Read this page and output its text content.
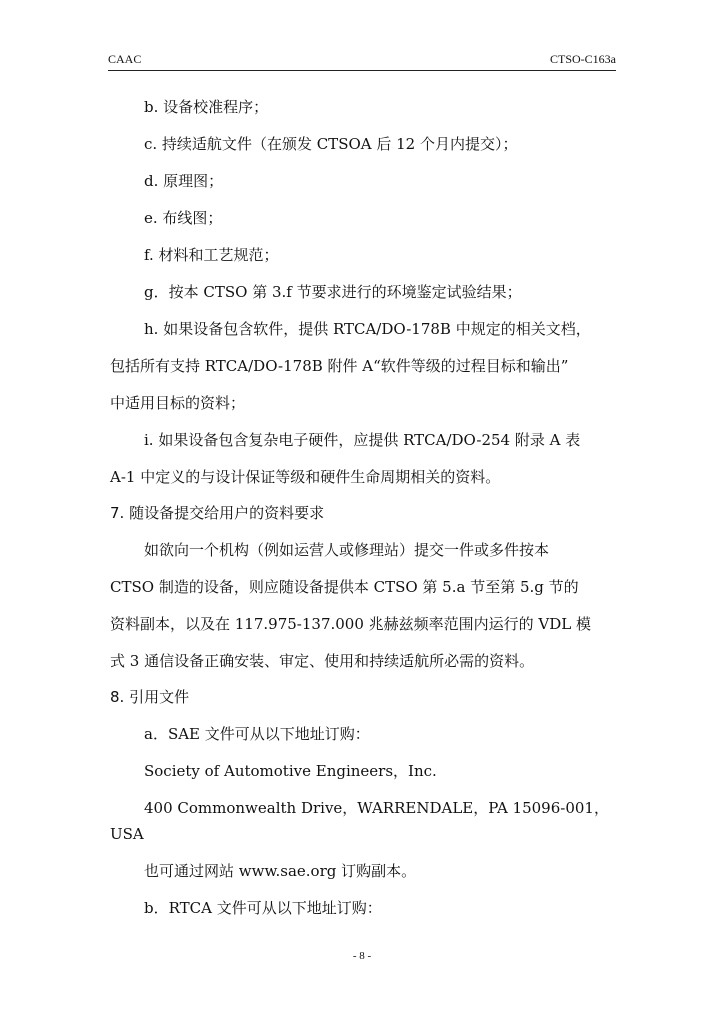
CAAC	CTSO-C163a

b. 设备校准程序；

c. 持续适航文件（在颁发 CTSOA 后 12 个月内提交）；

d. 原理图；

e. 布线图；

f. 材料和工艺规范；

g．按本 CTSO 第 3.f 节要求进行的环境鉴定试验结果；

h. 如果设备包含软件，提供 RTCA/DO-178B 中规定的相关文档，

包括所有支持 RTCA/DO-178B 附件 A“软件等级的过程目标和输出”

中适用目标的资料；

i. 如果设备包含复杂电子硬件，应提供 RTCA/DO-254 附录 A 表

A-1 中定义的与设计保证等级和硬件生命周期相关的资料。

7. 随设备提交给用户的资料要求

如欲向一个机构（例如运营人或修理站）提交一件或多件按本

CTSO 制造的设备，则应随设备提供本 CTSO 第 5.a 节至第 5.g 节的

资料副本，以及在 117.975-137.000 兆赫兹频率范围内运行的 VDL 模

式 3 通信设备正确安装、审定、使用和持续适航所必需的资料。

8. 引用文件

a．SAE 文件可从以下地址订购：

Society of Automotive Engineers，Inc.

400 Commonwealth Drive，WARRENDALE，PA 15096-001，USA

也可通过网站 www.sae.org 订购副本。

b．RTCA 文件可从以下地址订购：

- 8 -
